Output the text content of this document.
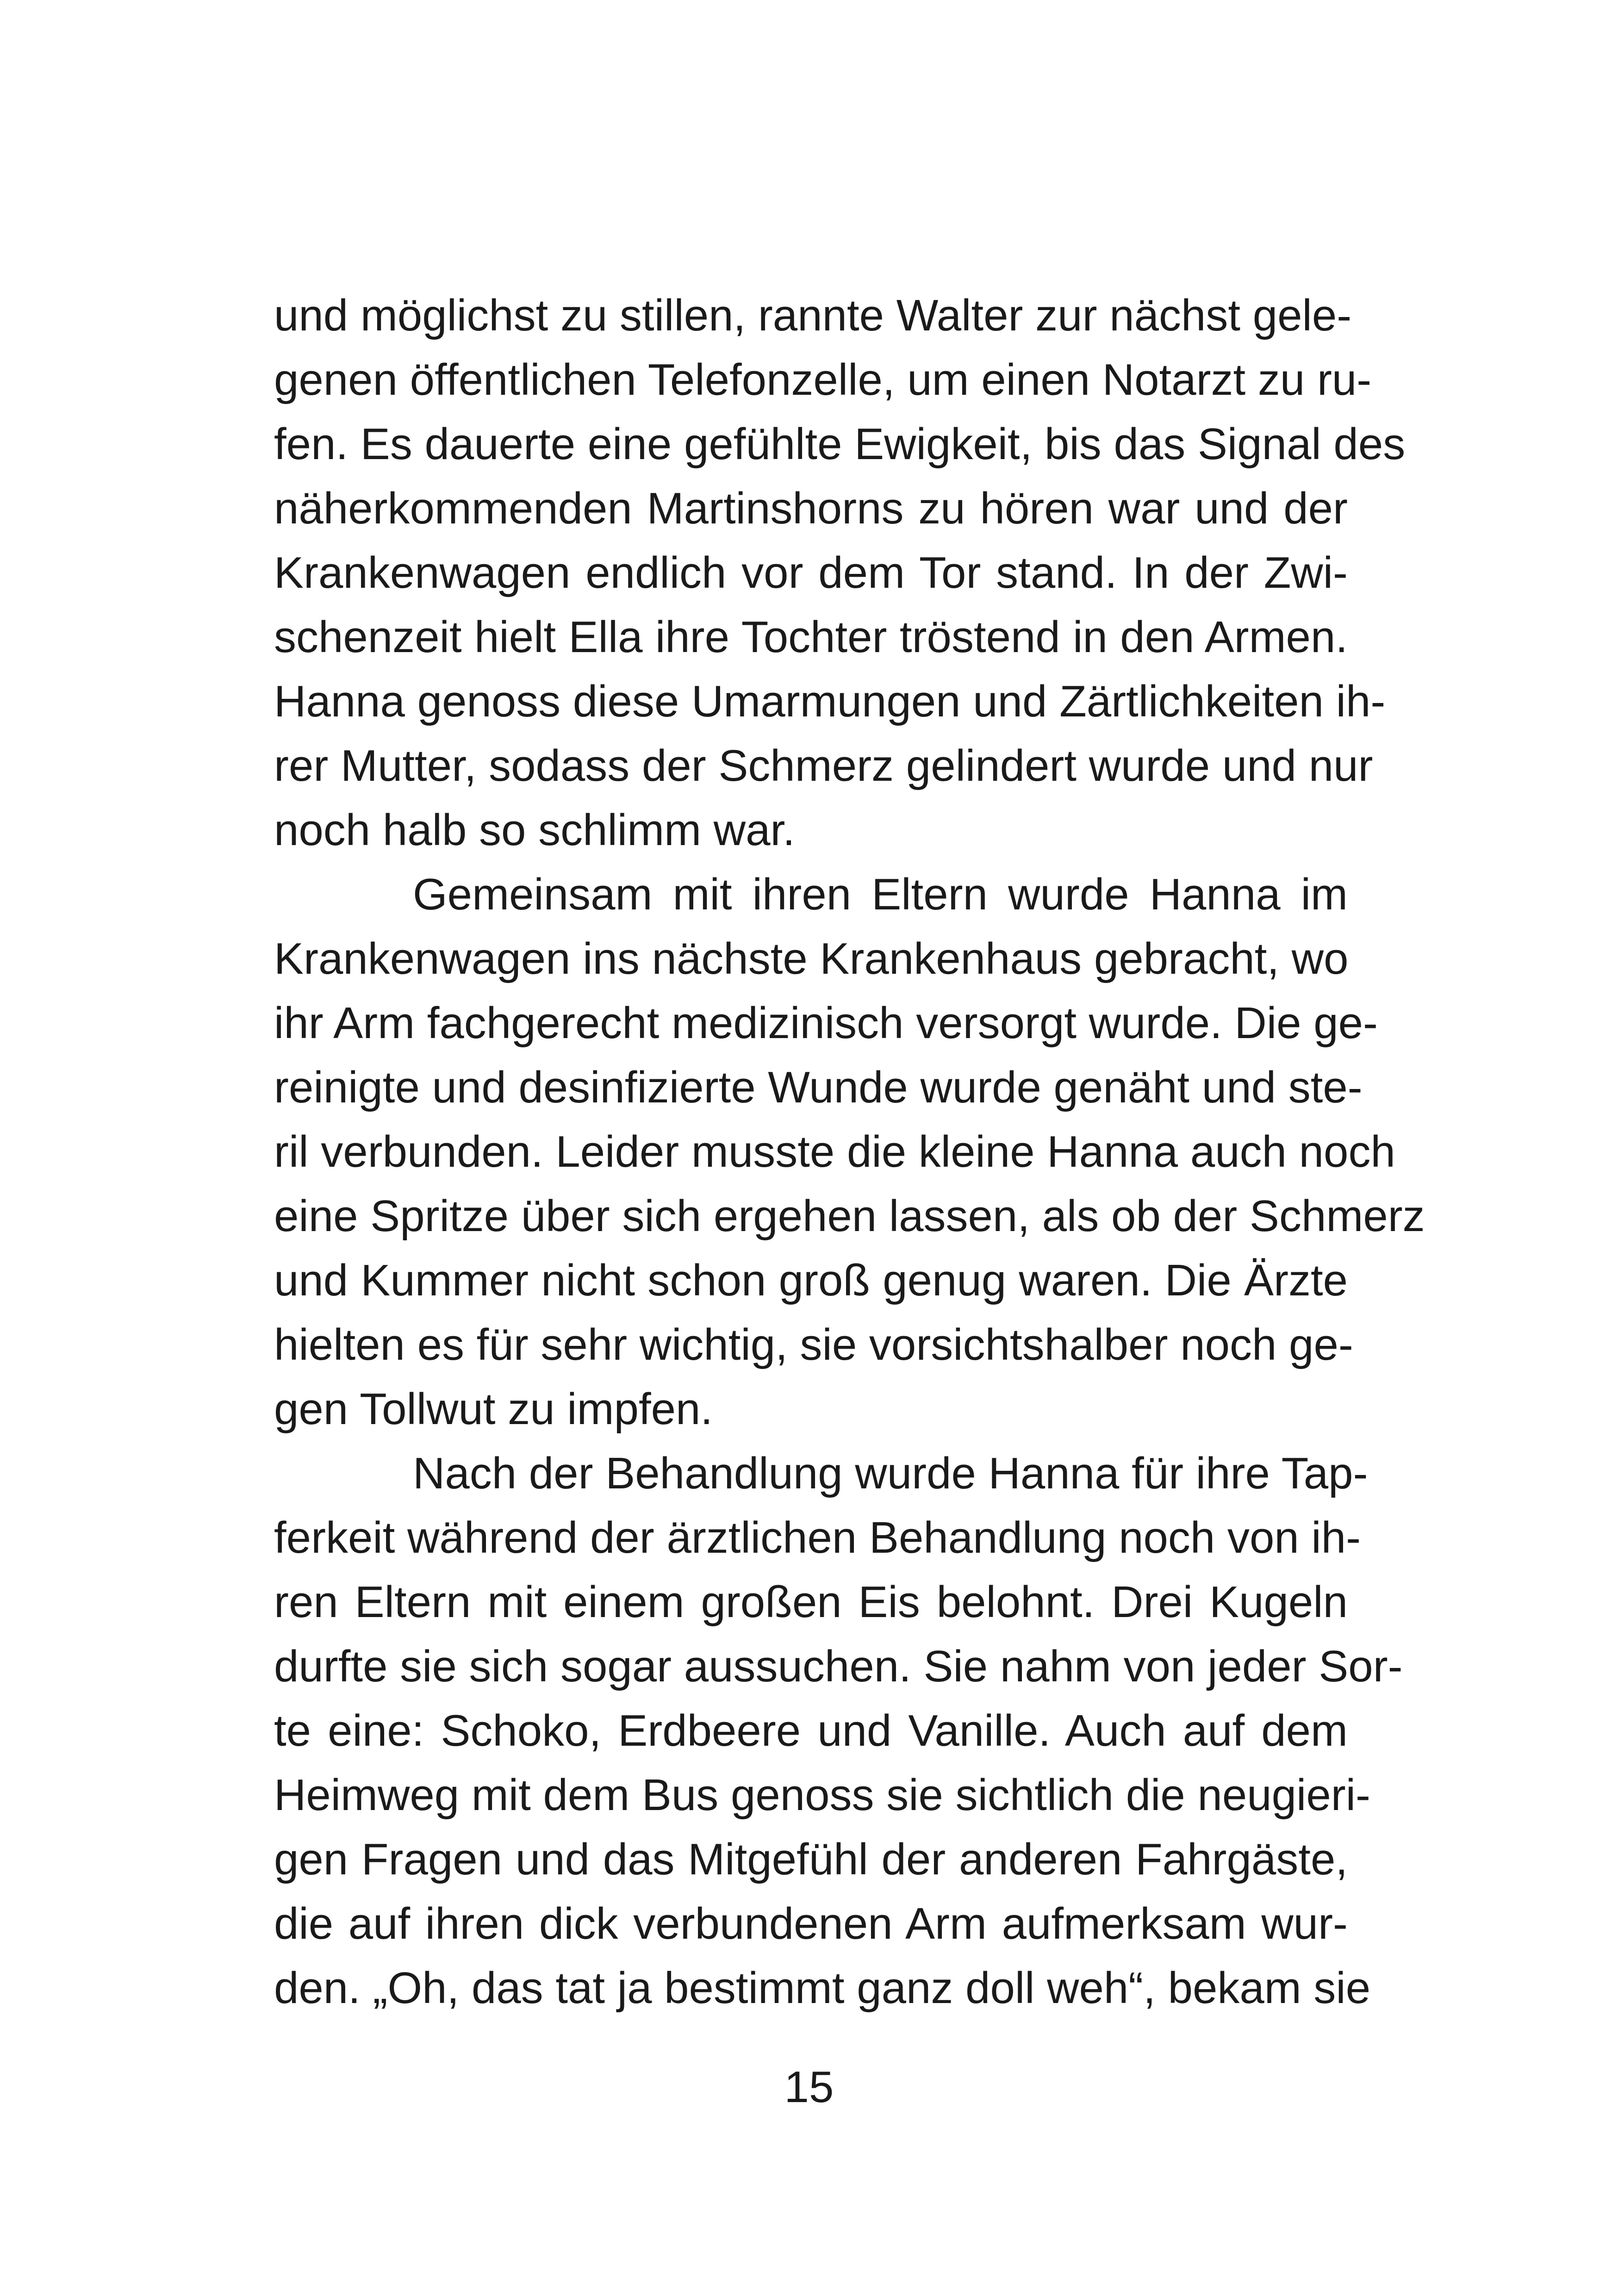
und möglichst zu stillen, rannte Walter zur nächst gele-
genen öffentlichen Telefonzelle, um einen Notarzt zu ru-
fen. Es dauerte eine gefühlte Ewigkeit, bis das Signal des
näherkommenden Martinshorns zu hören war und der
Krankenwagen endlich vor dem Tor stand. In der Zwi-
schenzeit hielt Ella ihre Tochter tröstend in den Armen.
Hanna genoss diese Umarmungen und Zärtlichkeiten ih-
rer Mutter, sodass der Schmerz gelindert wurde und nur
noch halb so schlimm war.
Gemeinsam mit ihren Eltern wurde Hanna im
Krankenwagen ins nächste Krankenhaus gebracht, wo
ihr Arm fachgerecht medizinisch versorgt wurde. Die ge-
reinigte und desinfizierte Wunde wurde genäht und ste-
ril verbunden. Leider musste die kleine Hanna auch noch
eine Spritze über sich ergehen lassen, als ob der Schmerz
und Kummer nicht schon groß genug waren. Die Ärzte
hielten es für sehr wichtig, sie vorsichtshalber noch ge-
gen Tollwut zu impfen.
Nach der Behandlung wurde Hanna für ihre Tap-
ferkeit während der ärztlichen Behandlung noch von ih-
ren Eltern mit einem großen Eis belohnt. Drei Kugeln
durfte sie sich sogar aussuchen. Sie nahm von jeder Sor-
te eine: Schoko, Erdbeere und Vanille. Auch auf dem
Heimweg mit dem Bus genoss sie sichtlich die neugieri-
gen Fragen und das Mitgefühl der anderen Fahrgäste,
die auf ihren dick verbundenen Arm aufmerksam wur-
den. „Oh, das tat ja bestimmt ganz doll weh“, bekam sie
15
